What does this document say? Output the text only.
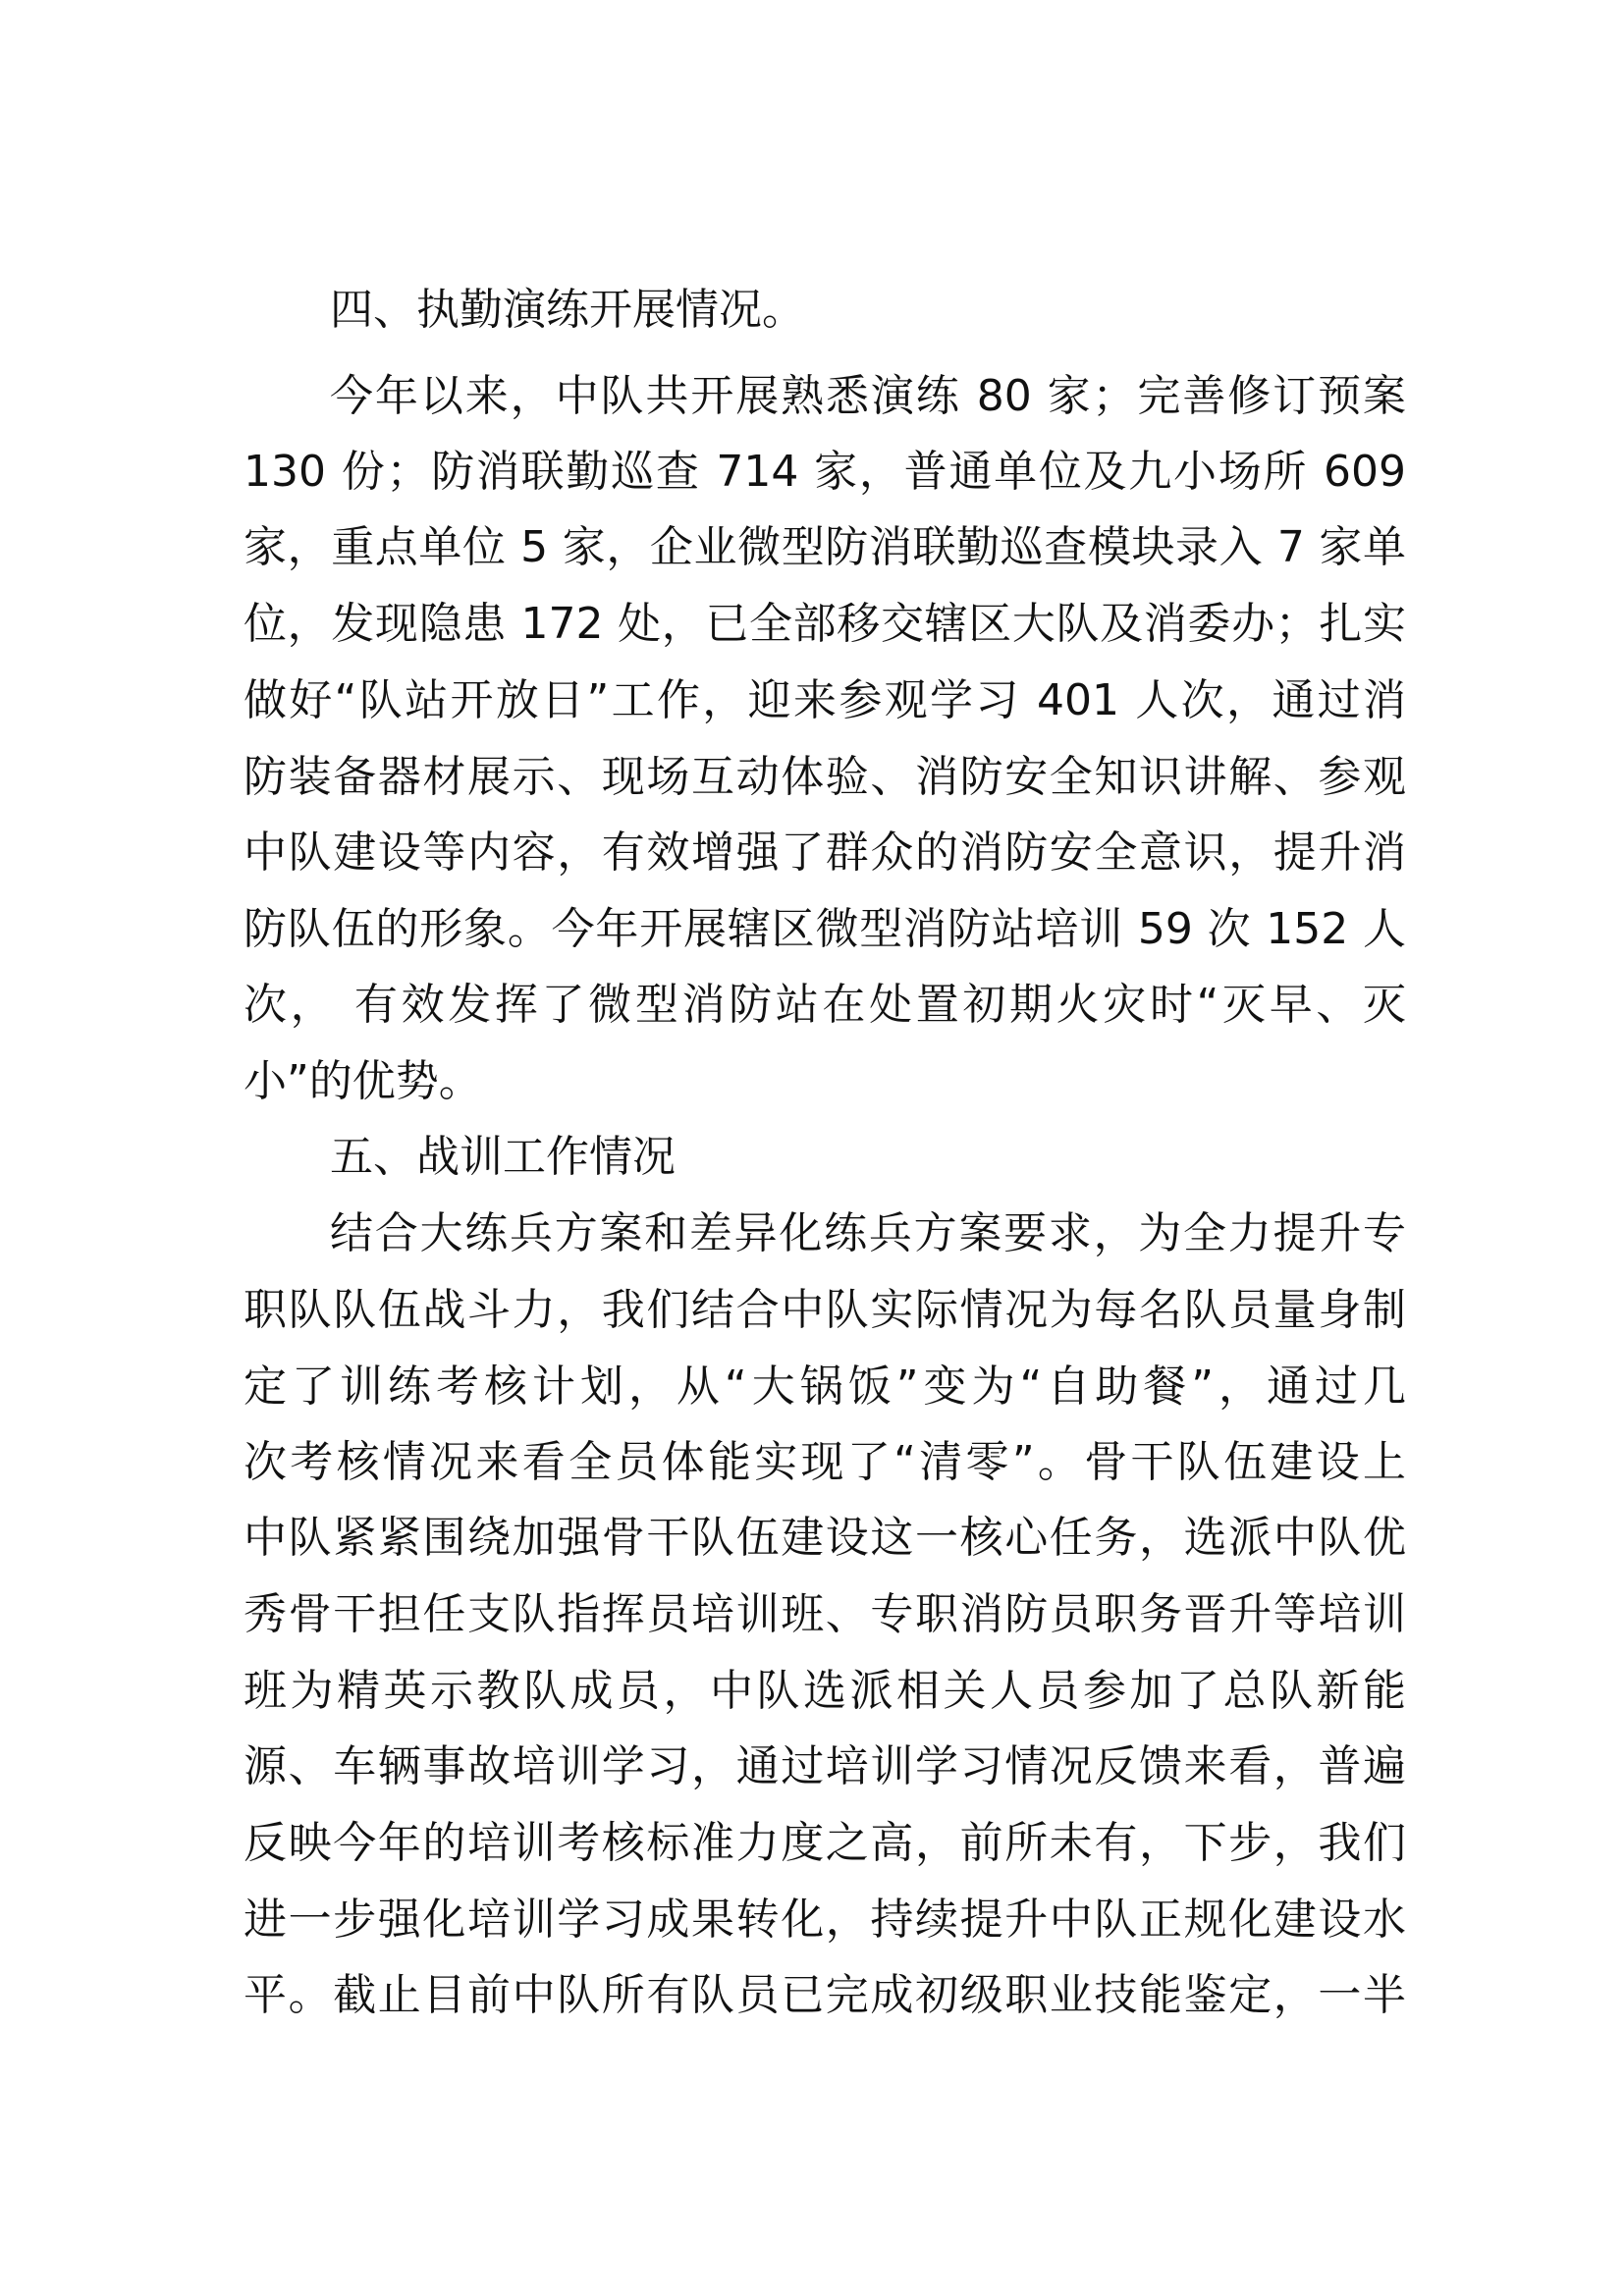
四、执勤演练开展情况。
今年以来，中队共开展熟悉演练 80 家；完善修订预案
130 份；防消联勤巡查 714 家，普通单位及九小场所 609
家，重点单位 5 家，企业微型防消联勤巡查模块录入 7 家单
位，发现隐患 172 处，已全部移交辖区大队及消委办；扎实
做好“队站开放日”工作，迎来参观学习 401 人次，通过消
防装备器材展示、现场互动体验、消防安全知识讲解、参观
中队建设等内容，有效增强了群众的消防安全意识，提升消
防队伍的形象。今年开展辖区微型消防站培训 59 次 152 人
次， 有效发挥了微型消防站在处置初期火灾时“灭早、灭
小”的优势。
五、战训工作情况
结合大练兵方案和差异化练兵方案要求，为全力提升专
职队队伍战斗力，我们结合中队实际情况为每名队员量身制
定了训练考核计划，从“大锅饭”变为“自助餐”，通过几
次考核情况来看全员体能实现了“清零”。骨干队伍建设上
中队紧紧围绕加强骨干队伍建设这一核心任务，选派中队优
秀骨干担任支队指挥员培训班、专职消防员职务晋升等培训
班为精英示教队成员，中队选派相关人员参加了总队新能
源、车辆事故培训学习，通过培训学习情况反馈来看，普遍
反映今年的培训考核标准力度之高，前所未有，下步，我们
进一步强化培训学习成果转化，持续提升中队正规化建设水
平。截止目前中队所有队员已完成初级职业技能鉴定，一半
